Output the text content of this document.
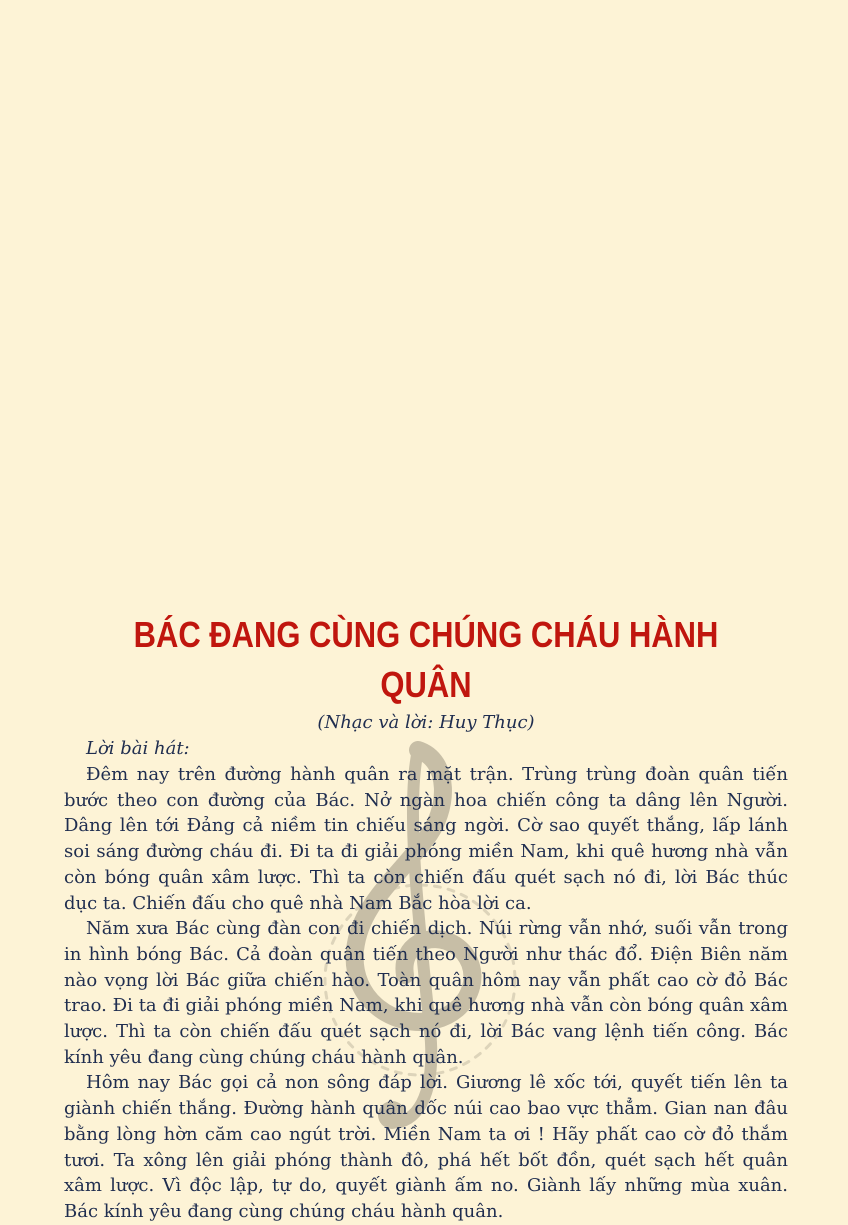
BÁC ĐANG CÙNG CHÚNG CHÁU HÀNH QUÂN

(Nhạc và lời: Huy Thục)

Lời bài hát:

Đêm nay trên đường hành quân ra mặt trận. Trùng trùng đoàn quân tiến bước theo con đường của Bác. Nở ngàn hoa chiến công ta dâng lên Người. Dâng lên tới Đảng cả niềm tin chiếu sáng ngời. Cờ sao quyết thắng, lấp lánh soi sáng đường cháu đi. Đi ta đi giải phóng miền Nam, khi quê hương nhà vẫn còn bóng quân xâm lược. Thì ta còn chiến đấu quét sạch nó đi, lời Bác thúc dục ta. Chiến đấu cho quê nhà Nam Bắc hòa lời ca.

Năm xưa Bác cùng đàn con đi chiến dịch. Núi rừng vẫn nhớ, suối vẫn trong in hình bóng Bác. Cả đoàn quân tiến theo Người như thác đổ. Điện Biên năm nào vọng lời Bác giữa chiến hào. Toàn quân hôm nay vẫn phất cao cờ đỏ Bác trao. Đi ta đi giải phóng miền Nam, khi quê hương nhà vẫn còn bóng quân xâm lược. Thì ta còn chiến đấu quét sạch nó đi, lời Bác vang lệnh tiến công. Bác kính yêu đang cùng chúng cháu hành quân.

Hôm nay Bác gọi cả non sông đáp lời. Giương lê xốc tới, quyết tiến lên ta giành chiến thắng. Đường hành quân dốc núi cao bao vực thẳm. Gian nan đâu bằng lòng hờn căm cao ngút trời. Miền Nam ta ơi ! Hãy phất cao cờ đỏ thắm tươi. Ta xông lên giải phóng thành đô, phá hết bốt đồn, quét sạch hết quân xâm lược. Vì độc lập, tự do, quyết giành ấm no. Giành lấy những mùa xuân. Bác kính yêu đang cùng chúng cháu hành quân.
